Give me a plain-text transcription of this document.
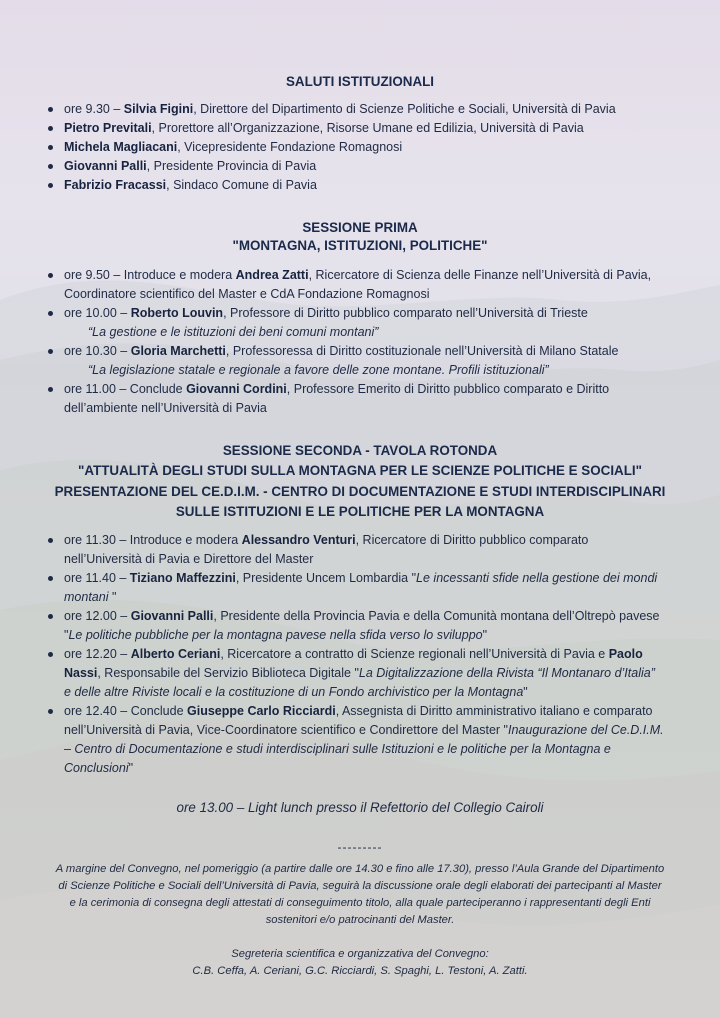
SALUTI ISTITUZIONALI
ore 9.30 – Silvia Figini, Direttore del Dipartimento di Scienze Politiche e Sociali, Università di Pavia
Pietro Previtali, Prorettore all’Organizzazione, Risorse Umane ed Edilizia, Università di Pavia
Michela Magliacani, Vicepresidente Fondazione Romagnosi
Giovanni Palli, Presidente Provincia di Pavia
Fabrizio Fracassi, Sindaco Comune di Pavia
SESSIONE PRIMA
"MONTAGNA, ISTITUZIONI, POLITICHE"
ore 9.50 – Introduce e modera Andrea Zatti, Ricercatore di Scienza delle Finanze nell’Università di Pavia, Coordinatore scientifico del Master e CdA Fondazione Romagnosi
ore 10.00 – Roberto Louvin, Professore di Diritto pubblico comparato nell’Università di Trieste
“La gestione e le istituzioni dei beni comuni montani”
ore 10.30 – Gloria Marchetti, Professoressa di Diritto costituzionale nell’Università di Milano Statale
“La legislazione statale e regionale a favore delle zone montane. Profili istituzionali”
ore 11.00 – Conclude Giovanni Cordini, Professore Emerito di Diritto pubblico comparato e Diritto dell’ambiente nell’Università di Pavia
SESSIONE SECONDA - TAVOLA ROTONDA
"ATTUALITÀ DEGLI STUDI SULLA MONTAGNA PER LE SCIENZE POLITICHE E SOCIALI"
PRESENTAZIONE DEL CE.D.I.M. - CENTRO DI DOCUMENTAZIONE E STUDI INTERDISCIPLINARI
SULLE ISTITUZIONI E LE POLITICHE PER LA MONTAGNA
ore 11.30 – Introduce e modera Alessandro Venturi, Ricercatore di Diritto pubblico comparato nell’Università di Pavia e Direttore del Master
ore 11.40 – Tiziano Maffezzini, Presidente Uncem Lombardia "Le incessanti sfide nella gestione dei mondi montani "
ore 12.00 – Giovanni Palli, Presidente della Provincia Pavia e della Comunità montana dell’Oltrepò pavese "Le politiche pubbliche per la montagna pavese nella sfida verso lo sviluppo"
ore 12.20 – Alberto Ceriani, Ricercatore a contratto di Scienze regionali nell’Università di Pavia e Paolo Nassi, Responsabile del Servizio Biblioteca Digitale "La Digitalizzazione della Rivista “Il Montanaro d’Italia” e delle altre Riviste locali e la costituzione di un Fondo archivistico per la Montagna"
ore 12.40 – Conclude Giuseppe Carlo Ricciardi, Assegnista di Diritto amministrativo italiano e comparato nell’Università di Pavia, Vice-Coordinatore scientifico e Condirettore del Master "Inaugurazione del Ce.D.I.M. – Centro di Documentazione e studi interdisciplinari sulle Istituzioni e le politiche per la Montagna e Conclusioni"

ore 13.00 – Light lunch presso il Refettorio del Collegio Cairoli

---------

A margine del Convegno, nel pomeriggio (a partire dalle ore 14.30 e fino alle 17.30), presso l’Aula Grande del Dipartimento di Scienze Politiche e Sociali dell’Università di Pavia, seguirà la discussione orale degli elaborati dei partecipanti al Master e la cerimonia di consegna degli attestati di conseguimento titolo, alla quale parteciperanno i rappresentanti degli Enti sostenitori e/o patrocinanti del Master.

Segreteria scientifica e organizzativa del Convegno:

C.B. Ceffa, A. Ceriani, G.C. Ricciardi, S. Spaghi, L. Testoni, A. Zatti.
